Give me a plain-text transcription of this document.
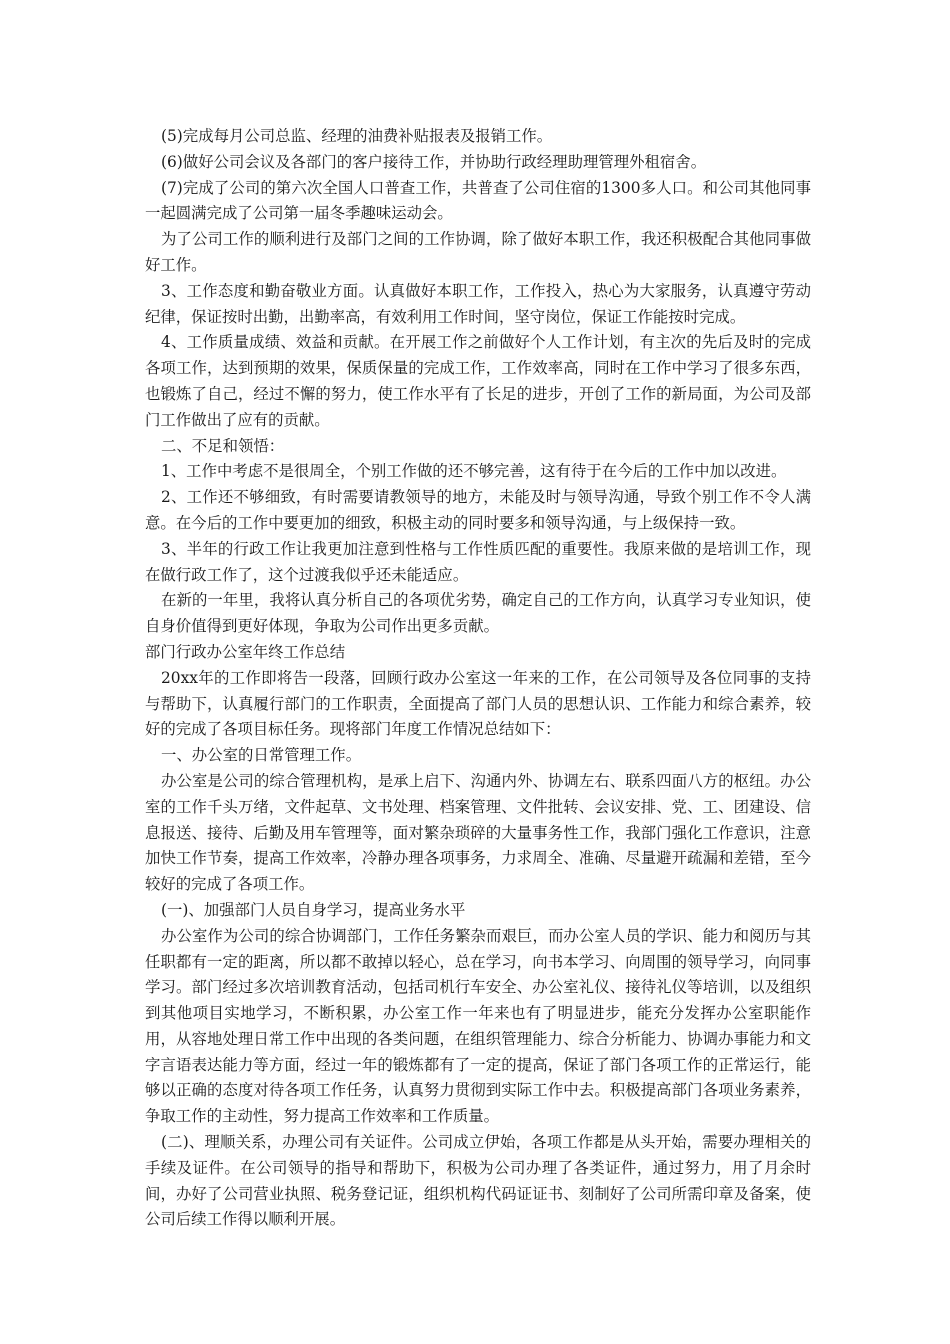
(5)完成每月公司总监、经理的油费补贴报表及报销工作。

(6)做好公司会议及各部门的客户接待工作，并协助行政经理助理管理外租宿舍。

(7)完成了公司的第六次全国人口普查工作，共普查了公司住宿的1300多人口。和公司其他同事一起圆满完成了公司第一届冬季趣味运动会。

为了公司工作的顺利进行及部门之间的工作协调，除了做好本职工作，我还积极配合其他同事做好工作。

3、工作态度和勤奋敬业方面。认真做好本职工作，工作投入，热心为大家服务，认真遵守劳动纪律，保证按时出勤，出勤率高，有效利用工作时间，坚守岗位，保证工作能按时完成。

4、工作质量成绩、效益和贡献。在开展工作之前做好个人工作计划，有主次的先后及时的完成各项工作，达到预期的效果，保质保量的完成工作，工作效率高，同时在工作中学习了很多东西，也锻炼了自己，经过不懈的努力，使工作水平有了长足的进步，开创了工作的新局面，为公司及部门工作做出了应有的贡献。

二、不足和领悟：

1、工作中考虑不是很周全，个别工作做的还不够完善，这有待于在今后的工作中加以改进。

2、工作还不够细致，有时需要请教领导的地方，未能及时与领导沟通，导致个别工作不令人满意。在今后的工作中要更加的细致，积极主动的同时要多和领导沟通，与上级保持一致。

3、半年的行政工作让我更加注意到性格与工作性质匹配的重要性。我原来做的是培训工作，现在做行政工作了，这个过渡我似乎还未能适应。

在新的一年里，我将认真分析自己的各项优劣势，确定自己的工作方向，认真学习专业知识，使自身价值得到更好体现，争取为公司作出更多贡献。

部门行政办公室年终工作总结

20xx年的工作即将告一段落，回顾行政办公室这一年来的工作，在公司领导及各位同事的支持与帮助下，认真履行部门的工作职责，全面提高了部门人员的思想认识、工作能力和综合素养，较好的完成了各项目标任务。现将部门年度工作情况总结如下：

一、办公室的日常管理工作。

办公室是公司的综合管理机构，是承上启下、沟通内外、协调左右、联系四面八方的枢纽。办公室的工作千头万绪，文件起草、文书处理、档案管理、文件批转、会议安排、党、工、团建设、信息报送、接待、后勤及用车管理等，面对繁杂琐碎的大量事务性工作，我部门强化工作意识，注意加快工作节奏，提高工作效率，冷静办理各项事务，力求周全、准确、尽量避开疏漏和差错，至今较好的完成了各项工作。

(一)、加强部门人员自身学习，提高业务水平

办公室作为公司的综合协调部门，工作任务繁杂而艰巨，而办公室人员的学识、能力和阅历与其任职都有一定的距离，所以都不敢掉以轻心，总在学习，向书本学习、向周围的领导学习，向同事学习。部门经过多次培训教育活动，包括司机行车安全、办公室礼仪、接待礼仪等培训，以及组织到其他项目实地学习，不断积累，办公室工作一年来也有了明显进步，能充分发挥办公室职能作用，从容地处理日常工作中出现的各类问题，在组织管理能力、综合分析能力、协调办事能力和文字言语表达能力等方面，经过一年的锻炼都有了一定的提高，保证了部门各项工作的正常运行，能够以正确的态度对待各项工作任务，认真努力贯彻到实际工作中去。积极提高部门各项业务素养，争取工作的主动性，努力提高工作效率和工作质量。

(二)、理顺关系，办理公司有关证件。公司成立伊始，各项工作都是从头开始，需要办理相关的手续及证件。在公司领导的指导和帮助下，积极为公司办理了各类证件，通过努力，用了月余时间，办好了公司营业执照、税务登记证，组织机构代码证证书、刻制好了公司所需印章及备案，使公司后续工作得以顺利开展。
